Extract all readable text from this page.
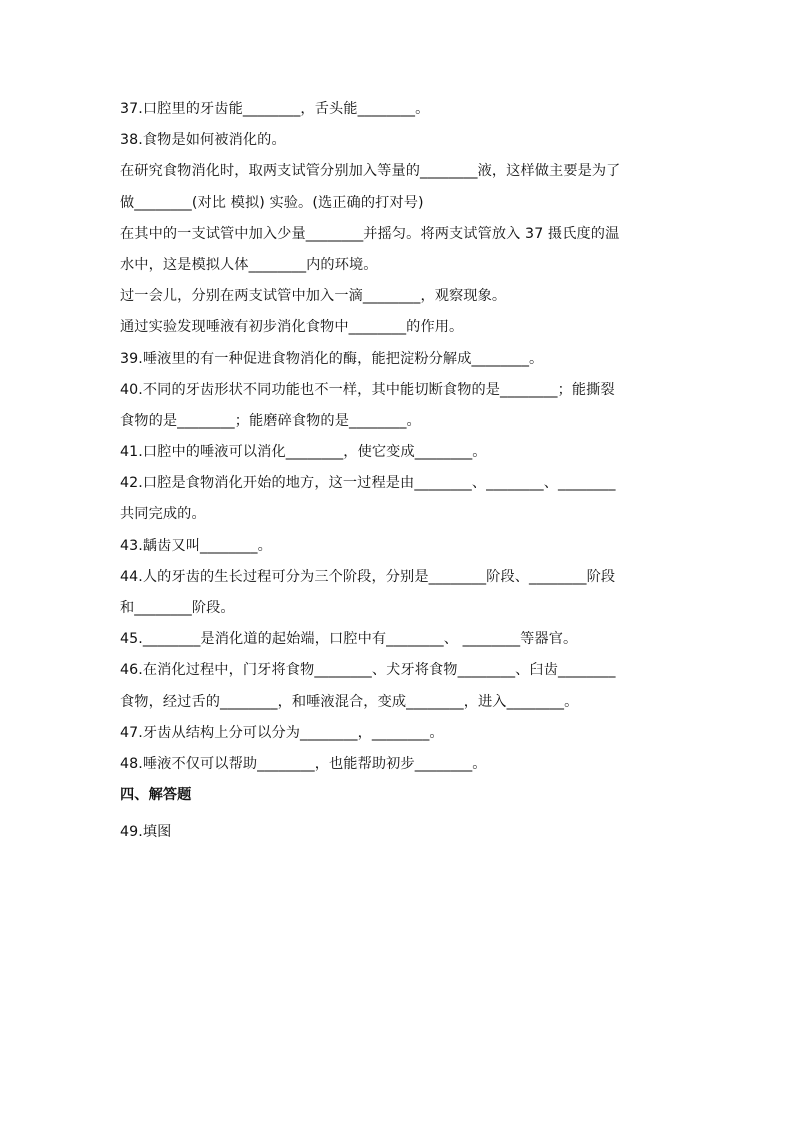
37.口腔里的牙齿能________，舌头能________。
38.食物是如何被消化的。
在研究食物消化时，取两支试管分别加入等量的________液，这样做主要是为了
做________(对比 模拟) 实验。(选正确的打对号)
在其中的一支试管中加入少量________并摇匀。将两支试管放入 37 摄氏度的温
水中，这是模拟人体________内的环境。
过一会儿，分别在两支试管中加入一滴________，观察现象。
通过实验发现唾液有初步消化食物中________的作用。
39.唾液里的有一种促进食物消化的酶，能把淀粉分解成________。
40.不同的牙齿形状不同功能也不一样，其中能切断食物的是________；能撕裂
食物的是________；能磨碎食物的是________。
41.口腔中的唾液可以消化________，使它变成________。
42.口腔是食物消化开始的地方，这一过程是由________、________、________
共同完成的。
43.龋齿又叫________。
44.人的牙齿的生长过程可分为三个阶段，分别是________阶段、________阶段
和________阶段。
45.________是消化道的起始端，口腔中有________、 ________等器官。
46.在消化过程中，门牙将食物________、犬牙将食物________、臼齿________
食物，经过舌的________，和唾液混合，变成________，进入________。
47.牙齿从结构上分可以分为________，________。
48.唾液不仅可以帮助________，也能帮助初步________。
四、解答题
49.填图
